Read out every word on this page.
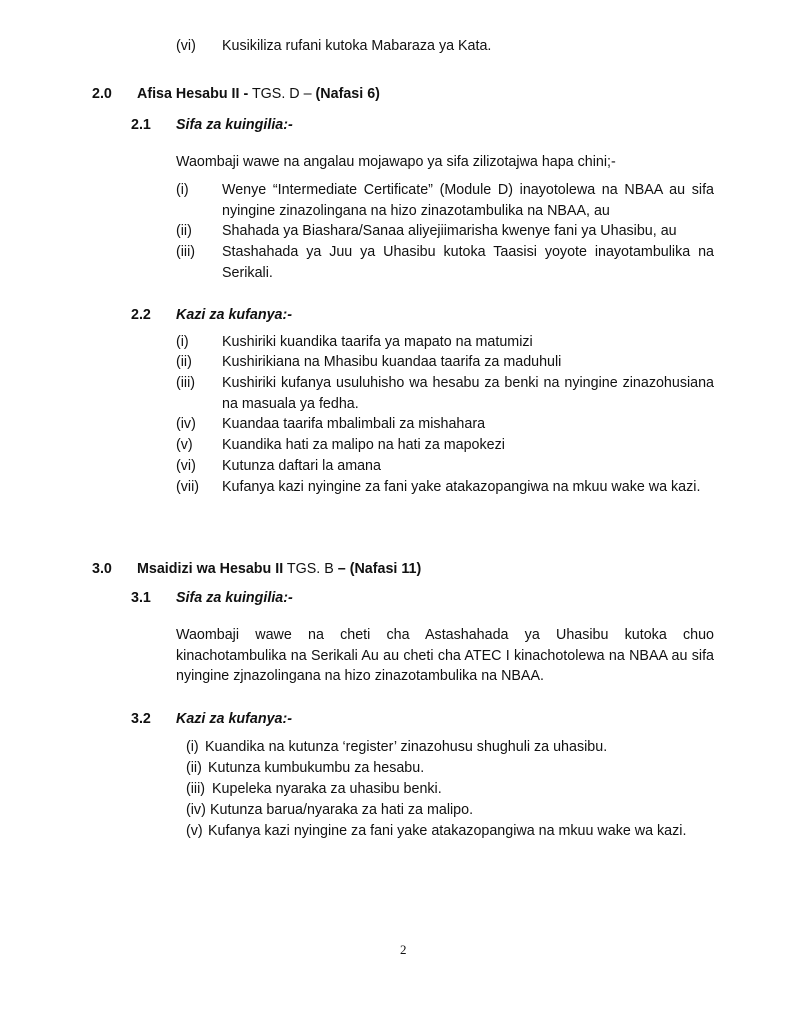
(vi) Kusikiliza rufani kutoka Mabaraza ya Kata.
2.0 Afisa Hesabu II - TGS. D – (Nafasi 6)
2.1 Sifa za kuingilia:-
Waombaji wawe na angalau mojawapo ya sifa zilizotajwa hapa chini;-
(i) Wenye “Intermediate Certificate” (Module D) inayotolewa na NBAA au sifa nyingine zinazolingana na hizo zinazotambulika na NBAA, au
(ii) Shahada ya Biashara/Sanaa aliyejiimarisha kwenye fani ya Uhasibu, au
(iii) Stashahada ya Juu ya Uhasibu kutoka Taasisi yoyote inayotambulika na Serikali.
2.2 Kazi za kufanya:-
(i) Kushiriki kuandika taarifa ya mapato na matumizi
(ii) Kushirikiana na Mhasibu kuandaa taarifa za maduhuli
(iii) Kushiriki kufanya usuluhisho wa hesabu za benki na nyingine zinazohusiana na masuala ya fedha.
(iv) Kuandaa taarifa mbalimbali za mishahara
(v) Kuandika hati za malipo na hati za mapokezi
(vi) Kutunza daftari la amana
(vii) Kufanya kazi nyingine za fani yake atakazopangiwa na mkuu wake wa kazi.
3.0 Msaidizi wa Hesabu II TGS. B – (Nafasi 11)
3.1 Sifa za kuingilia:-
Waombaji wawe na cheti cha Astashahada ya Uhasibu kutoka chuo kinachotambulika na Serikali Au au cheti cha ATEC I kinachotolewa na NBAA au sifa nyingine zjnazolingana na hizo zinazotambulika na NBAA.
3.2 Kazi za kufanya:-
(i) Kuandika na kutunza ‘register’ zinazohusu shughuli za uhasibu.
(ii) Kutunza kumbukumbu za hesabu.
(iii) Kupeleka nyaraka za uhasibu benki.
(iv) Kutunza barua/nyaraka za hati za malipo.
(v) Kufanya kazi nyingine za fani yake atakazopangiwa na mkuu wake wa kazi.
2
